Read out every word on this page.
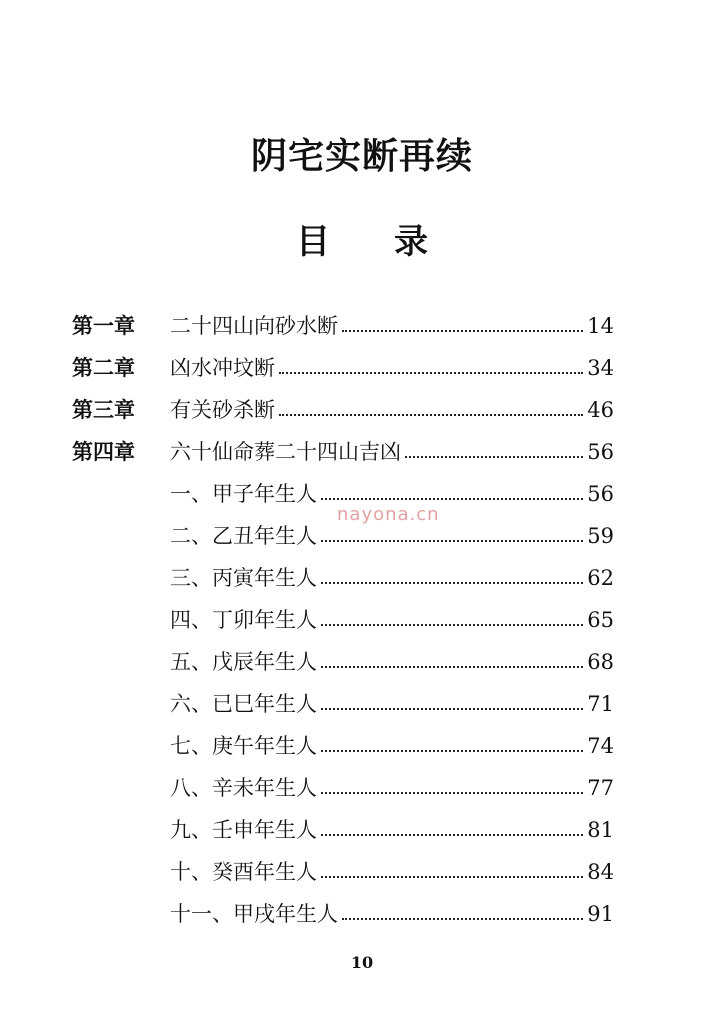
阴宅实断再续
目 录
第一章	二十四山向砂水断	14
第二章	凶水冲坟断	34
第三章	有关砂杀断	46
第四章	六十仙命葬二十四山吉凶	56
一、甲子年生人	56
二、乙丑年生人	59
三、丙寅年生人	62
四、丁卯年生人	65
五、戊辰年生人	68
六、已巳年生人	71
七、庚午年生人	74
八、辛未年生人	77
九、壬申年生人	81
十、癸酉年生人	84
十一、甲戌年生人	91
nayona.cn
10
